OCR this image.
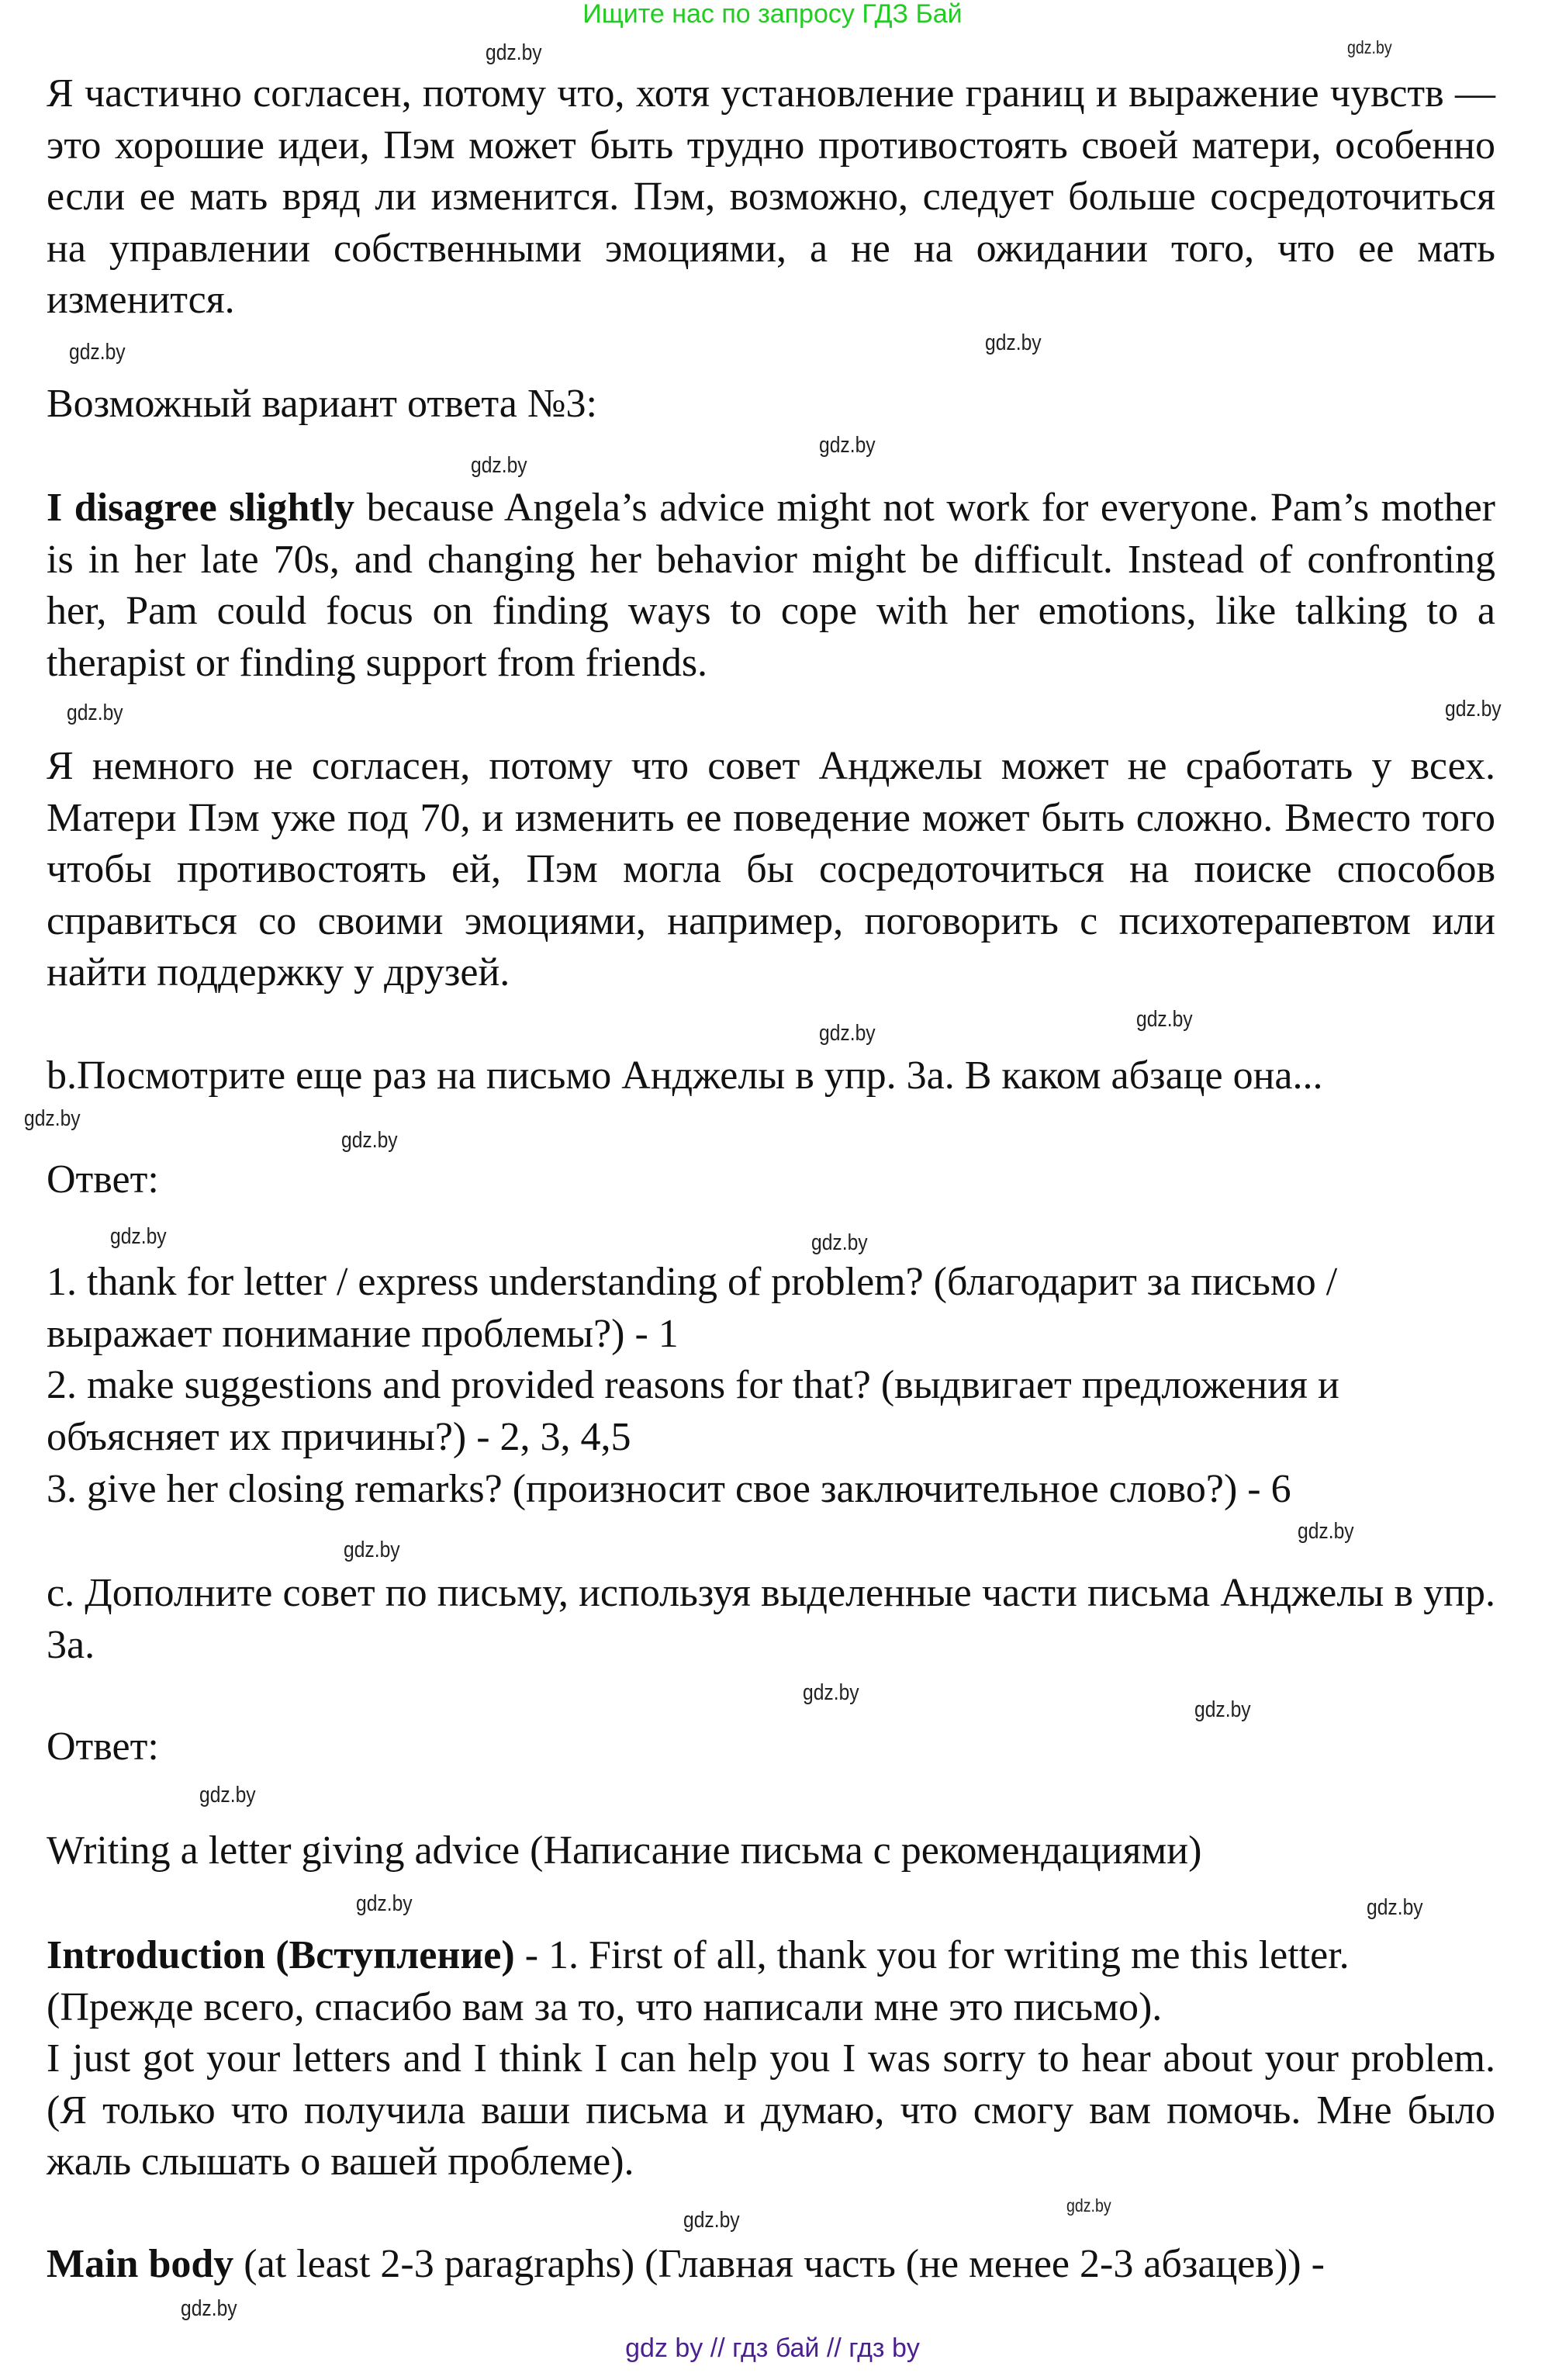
Ищите нас по запросу ГДЗ Бай
Я частично согласен, потому что, хотя установление границ и выражение чувств — это хорошие идеи, Пэм может быть трудно противостоять своей матери, особенно если ее мать вряд ли изменится. Пэм, возможно, следует больше сосредоточиться на управлении собственными эмоциями, а не на ожидании того, что ее мать изменится.
Возможный вариант ответа №3:
I disagree slightly because Angela’s advice might not work for everyone. Pam’s mother is in her late 70s, and changing her behavior might be difficult. Instead of confronting her, Pam could focus on finding ways to cope with her emotions, like talking to a therapist or finding support from friends.
Я немного не согласен, потому что совет Анджелы может не сработать у всех. Матери Пэм уже под 70, и изменить ее поведение может быть сложно. Вместо того чтобы противостоять ей, Пэм могла бы сосредоточиться на поиске способов справиться со своими эмоциями, например, поговорить с психотерапевтом или найти поддержку у друзей.
b.Посмотрите еще раз на письмо Анджелы в упр. 3a. В каком абзаце она...
Ответ:
1. thank for letter / express understanding of problem? (благодарит за письмо / выражает понимание проблемы?) - 1
2. make suggestions and provided reasons for that? (выдвигает предложения и объясняет их причины?) - 2, 3, 4,5
3. give her closing remarks? (произносит свое заключительное слово?) - 6
c. Дополните совет по письму, используя выделенные части письма Анджелы в упр. 3a.
Ответ:
Writing a letter giving advice (Написание письма с рекомендациями)
Introduction (Вступление) - 1. First of all, thank you for writing me this letter. (Прежде всего, спасибо вам за то, что написали мне это письмо).
I just got your letters and I think I can help you I was sorry to hear about your problem. (Я только что получила ваши письма и думаю, что смогу вам помочь. Мне было жаль слышать о вашей проблеме).
Main body (at least 2-3 paragraphs) (Главная часть (не менее 2-3 абзацев)) -
gdz.by	gdz.by
gdz.by
gdz.by
gdz.by
gdz.by
gdz.by
gdz.by
gdz.by
gdz.by
gdz.by
gdz.by
gdz.by	gdz.by
gdz.by
gdz.by
gdz.by
gdz.by
gdz.by
gdz.by	gdz.by
gdz.by
gdz.by
gdz.by
gdz by // гдз бай // гдз by
